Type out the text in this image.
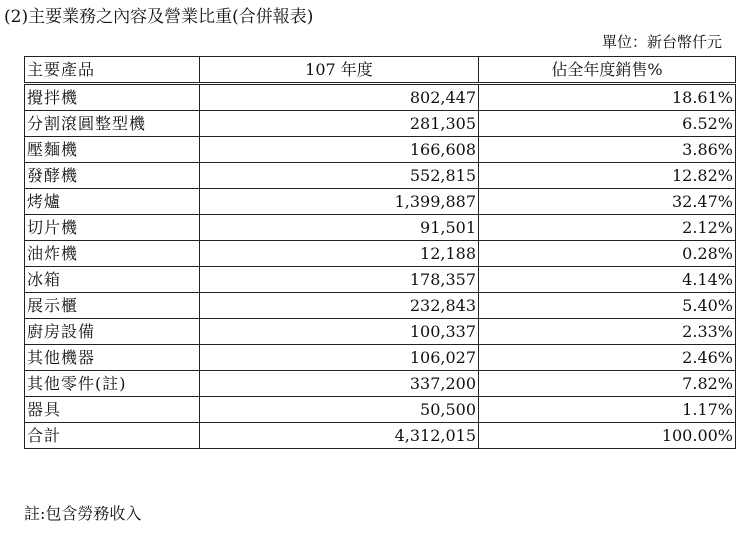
(2)主要業務之內容及營業比重(合併報表)
單位：新台幣仟元
主要產品	107 年度	佔全年度銷售%
攪拌機	802,447	18.61%
分割滾圓整型機	281,305	6.52%
壓麵機	166,608	3.86%
發酵機	552,815	12.82%
烤爐	1,399,887	32.47%
切片機	91,501	2.12%
油炸機	12,188	0.28%
冰箱	178,357	4.14%
展示櫃	232,843	5.40%
廚房設備	100,337	2.33%
其他機器	106,027	2.46%
其他零件(註)	337,200	7.82%
器具	50,500	1.17%
合計	4,312,015	100.00%
註:包含勞務收入
